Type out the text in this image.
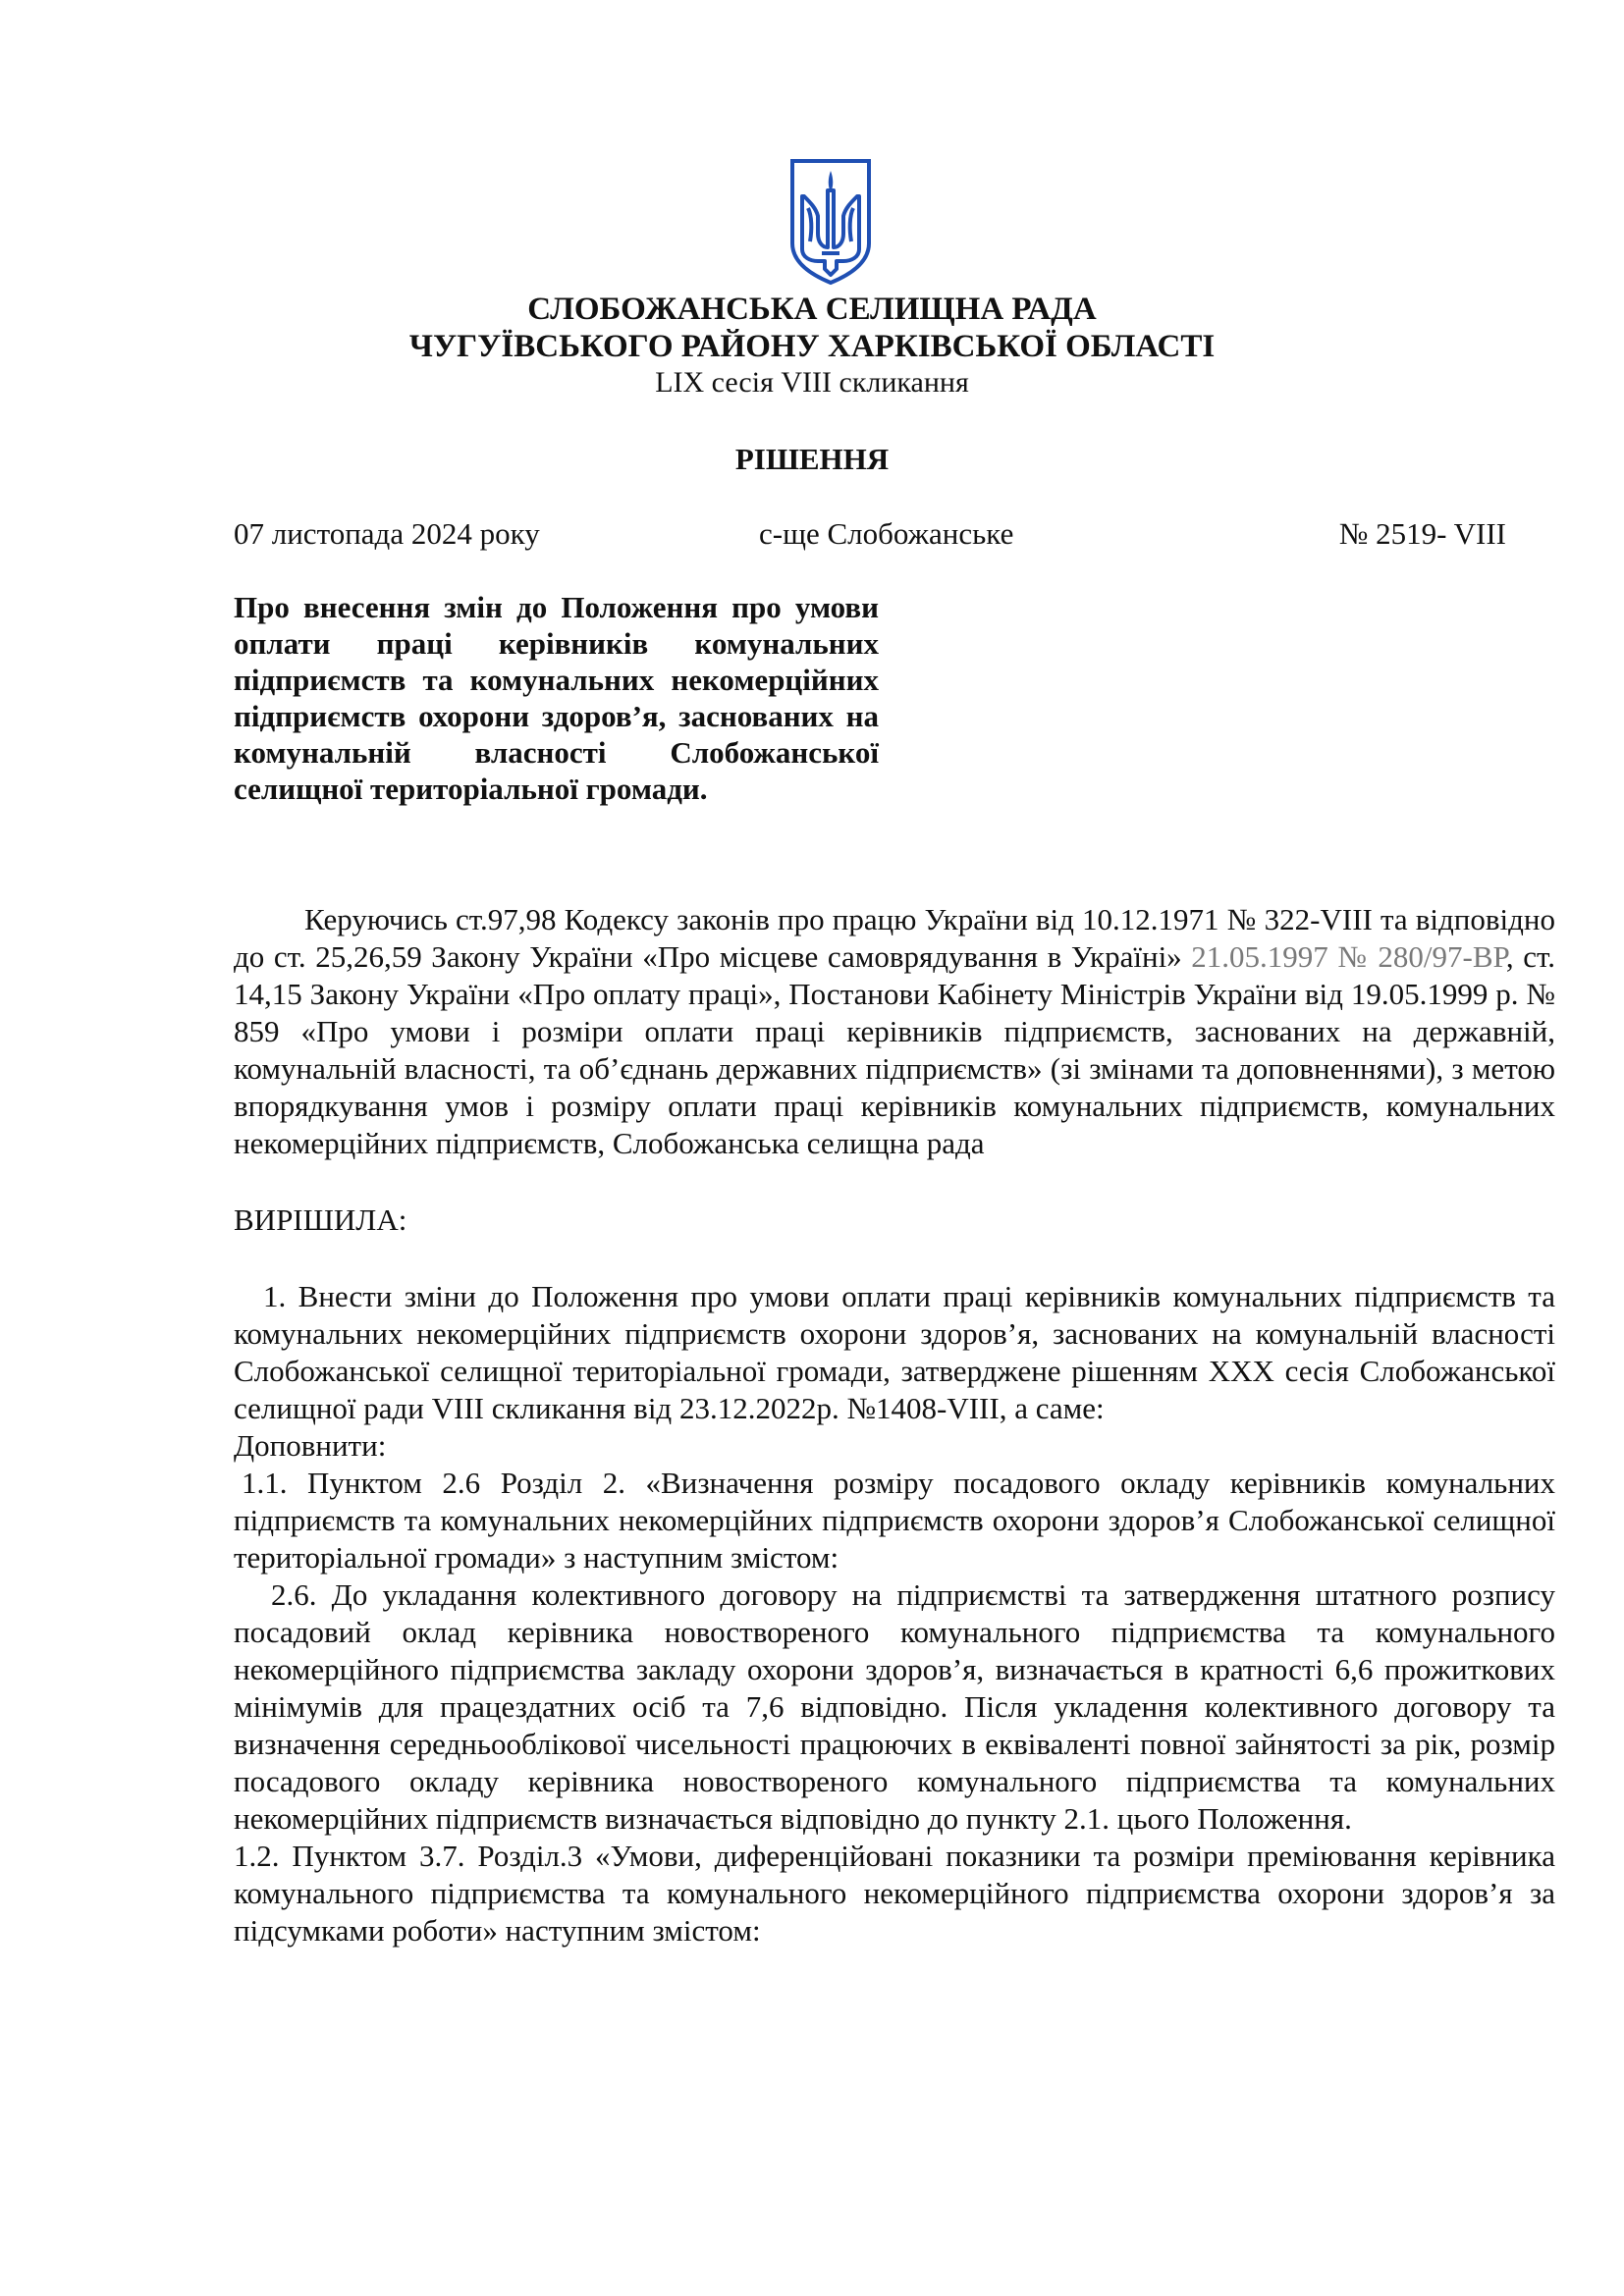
СЛОБОЖАНСЬКА СЕЛИЩНА РАДА
ЧУГУЇВСЬКОГО РАЙОНУ ХАРКІВСЬКОЇ ОБЛАСТІ
LIX сесія VIII скликання
РІШЕННЯ
07 листопада 2024 року	с-ще Слобожанське	№ 2519- VIII
Про внесення змін до Положення про умови оплати праці керівників комунальних підприємств та комунальних некомерційних підприємств охорони здоров’я, заснованих на комунальній власності Слобожанської селищної територіальної громади.

Керуючись ст.97,98 Кодексу законів про працю України від 10.12.1971 № 322-VIII та відповідно до ст. 25,26,59 Закону України «Про місцеве самоврядування в Україні» 21.05.1997 № 280/97-ВР, ст. 14,15 Закону України «Про оплату праці», Постанови Кабінету Міністрів України від 19.05.1999 р. № 859 «Про умови і розміри оплати праці керівників підприємств, заснованих на державній, комунальній власності, та об’єднань державних підприємств» (зі змінами та доповненнями), з метою впорядкування умов і розміру оплати праці керівників комунальних підприємств, комунальних некомерційних підприємств, Слобожанська селищна рада

ВИРІШИЛА:

1. Внести зміни до Положення про умови оплати праці керівників комунальних підприємств та комунальних некомерційних підприємств охорони здоров’я, заснованих на комунальній власності Слобожанської селищної територіальної громади, затверджене рішенням ХХХ сесія Слобожанської селищної ради VIII скликання від 23.12.2022р. №1408-VIII, а саме:

Доповнити:

1.1. Пунктом 2.6 Розділ 2. «Визначення розміру посадового окладу керівників комунальних підприємств та комунальних некомерційних підприємств охорони здоров’я Слобожанської селищної територіальної громади» з наступним змістом:

2.6. До укладання колективного договору на підприємстві та затвердження штатного розпису посадовий оклад керівника новоствореного комунального підприємства та комунального некомерційного підприємства закладу охорони здоров’я, визначається в кратності 6,6 прожиткових мінімумів для працездатних осіб та 7,6 відповідно. Після укладення колективного договору та визначення середньооблікової чисельності працюючих в еквіваленті повної зайнятості за рік, розмір посадового окладу керівника новоствореного комунального підприємства та комунальних некомерційних підприємств визначається відповідно до пункту 2.1. цього Положення.

1.2. Пунктом 3.7. Розділ.3 «Умови, диференційовані показники та розміри преміювання керівника комунального підприємства та комунального некомерційного підприємства охорони здоров’я за підсумками роботи» наступним змістом:
